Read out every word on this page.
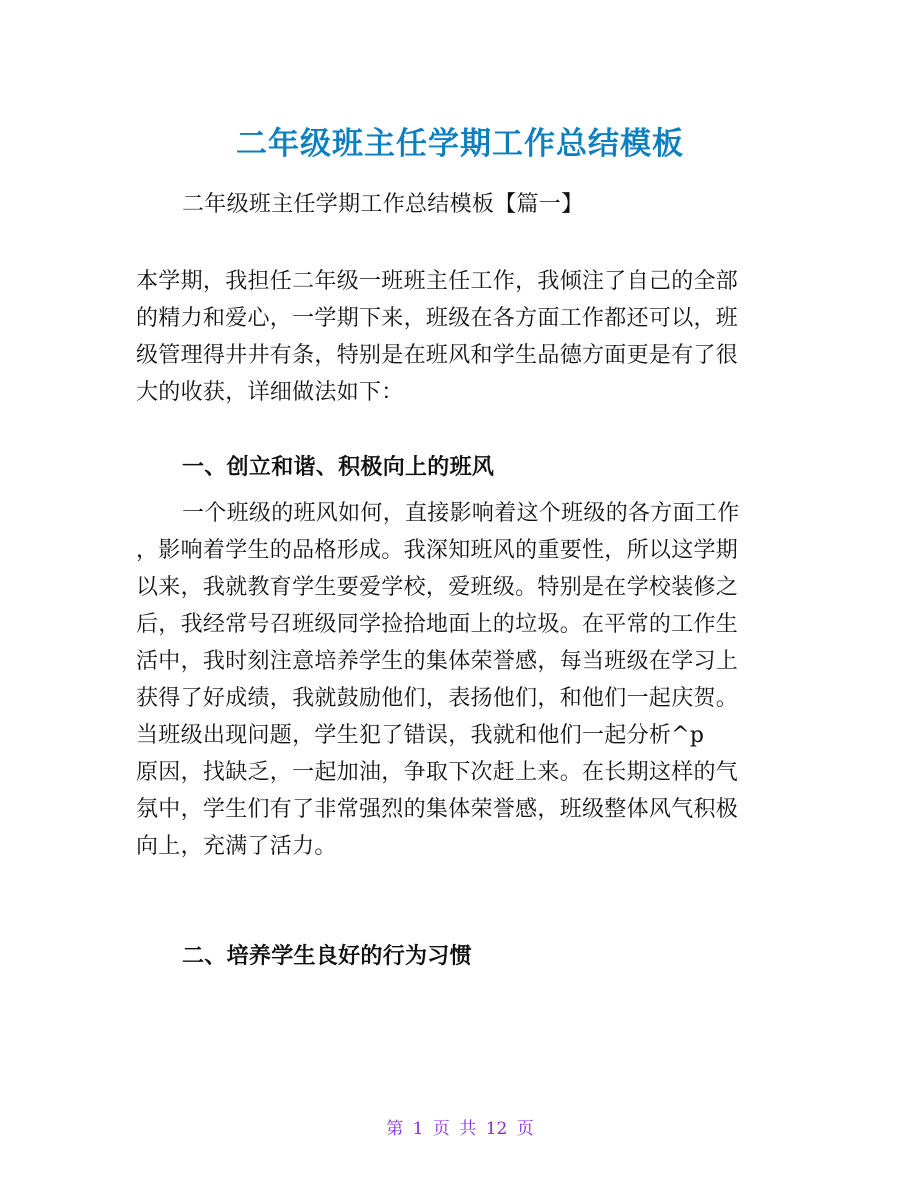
二年级班主任学期工作总结模板
二年级班主任学期工作总结模板【篇一】
本学期，我担任二年级一班班主任工作，我倾注了自己的全部
的精力和爱心，一学期下来，班级在各方面工作都还可以，班
级管理得井井有条，特别是在班风和学生品德方面更是有了很
大的收获，详细做法如下：
一、创立和谐、积极向上的班风
一个班级的班风如何，直接影响着这个班级的各方面工作
，影响着学生的品格形成。我深知班风的重要性，所以这学期
以来，我就教育学生要爱学校，爱班级。特别是在学校装修之
后，我经常号召班级同学捡拾地面上的垃圾。在平常的工作生
活中，我时刻注意培养学生的集体荣誉感，每当班级在学习上
获得了好成绩，我就鼓励他们，表扬他们，和他们一起庆贺。
当班级出现问题，学生犯了错误，我就和他们一起分析^p
原因，找缺乏，一起加油，争取下次赶上来。在长期这样的气
氛中，学生们有了非常强烈的集体荣誉感，班级整体风气积极
向上，充满了活力。
二、培养学生良好的行为习惯
第 1 页 共 12 页
